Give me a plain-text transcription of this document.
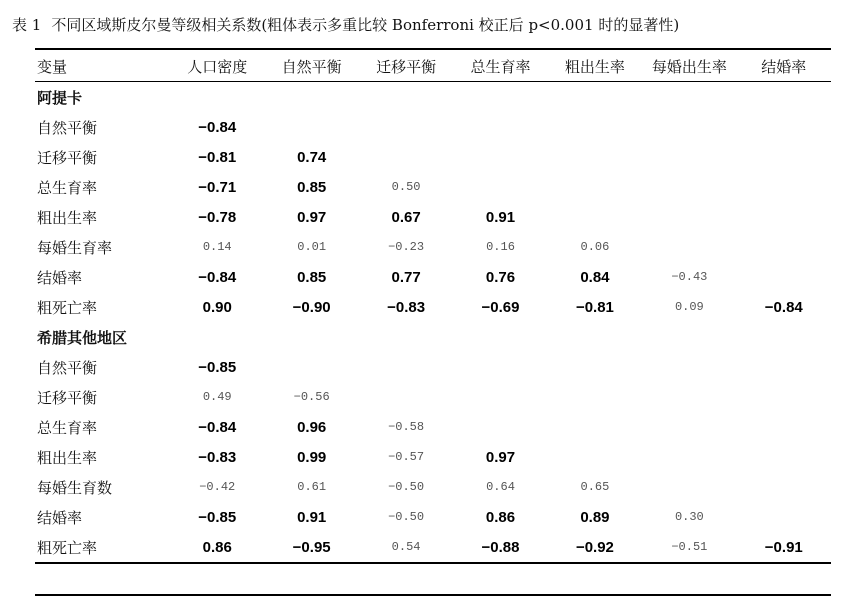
表 1 不同区域斯皮尔曼等级相关系数(粗体表示多重比较 Bonferroni 校正后 p<0.001 时的显著性)
变量	人口密度	自然平衡	迁移平衡	总生育率	粗出生率	每婚出生率	结婚率
阿提卡							
自然平衡	−0.84						
迁移平衡	−0.81	0.74					
总生育率	−0.71	0.85	0.50				
粗出生率	−0.78	0.97	0.67	0.91			
每婚生育率	0.14	0.01	−0.23	0.16	0.06		
结婚率	−0.84	0.85	0.77	0.76	0.84	−0.43	
粗死亡率	0.90	−0.90	−0.83	−0.69	−0.81	0.09	−0.84
希腊其他地区							
自然平衡	−0.85						
迁移平衡	0.49	−0.56					
总生育率	−0.84	0.96	−0.58				
粗出生率	−0.83	0.99	−0.57	0.97			
每婚生育数	−0.42	0.61	−0.50	0.64	0.65		
结婚率	−0.85	0.91	−0.50	0.86	0.89	0.30	
粗死亡率	0.86	−0.95	0.54	−0.88	−0.92	−0.51	−0.91
